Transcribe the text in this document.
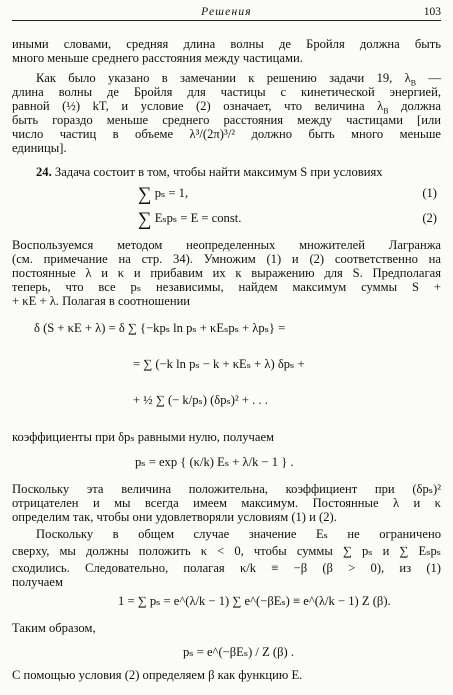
Решения	103
иными словами, средняя длина волны де Бройля должна быть
много меньше среднего расстояния между частицами.
Как было указано в замечании к решению задачи 19, $\lambda_B$ —
длина волны де Бройля для частицы с кинетической энергией,
равной (½) kT, и условие (2) означает, что величина $\lambda_B$ должна
быть гораздо меньше среднего расстояния между частицами [или
число частиц в объеме λ³/(2π)³/² должно быть много меньше
единицы].
24. Задача состоит в том, чтобы найти максимум S при условиях
∑ pₛ = 1,	(1)
∑ Eₛpₛ = E = const.	(2)
Воспользуемся методом неопределенных множителей Лагранжа
(см. примечание на стр. 34). Умножим (1) и (2) соответственно на
постоянные λ и κ и прибавим их к выражению для S. Предполагая
теперь, что все pₛ независимы, найдем максимум суммы S +
+ κE + λ. Полагая в соотношении
δ (S + κE + λ) = δ ∑ {−kpₛ ln pₛ + κEₛpₛ + λpₛ} =
= ∑ (−k ln pₛ − k + κEₛ + λ) δpₛ +
+ ½ ∑ (− k/pₛ) (δpₛ)² + . . .
коэффициенты при δpₛ равными нулю, получаем
pₛ = exp { (κ/k) Eₛ + λ/k − 1 } .
Поскольку эта величина положительна, коэффициент при (δpₛ)²
отрицателен и мы всегда имеем максимум. Постоянные λ и κ
определим так, чтобы они удовлетворяли условиям (1) и (2).
Поскольку в общем случае значение Eₛ не ограничено
сверху, мы должны положить κ < 0, чтобы суммы ∑ pₛ и ∑ Eₛpₛ
сходились. Следовательно, полагая κ/k ≡ −β (β > 0), из (1)
получаем
1 = ∑ pₛ = e^(λ/k − 1) ∑ e^(−βEₛ) ≡ e^(λ/k − 1) Z (β).
Таким образом,
pₛ = e^(−βEₛ) / Z (β) .
С помощью условия (2) определяем β как функцию E.
